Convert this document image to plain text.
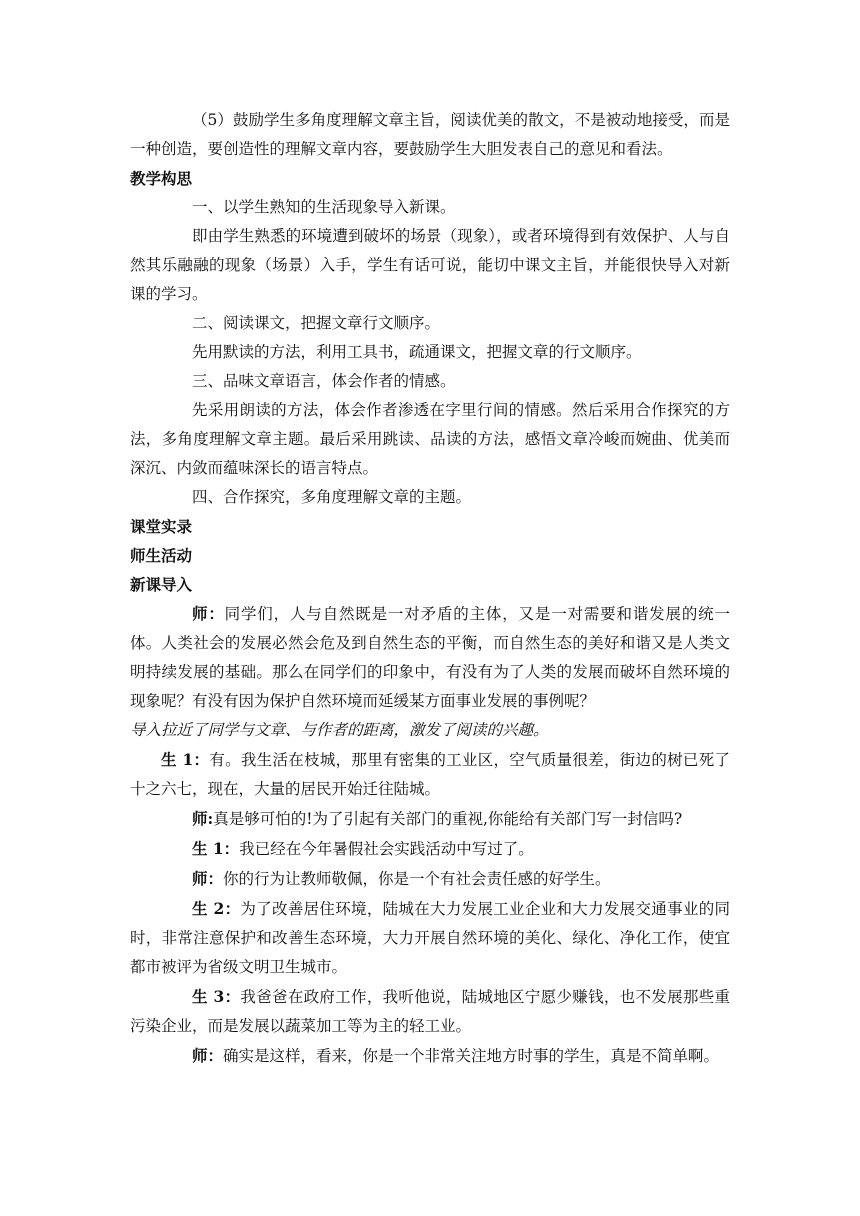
（5）鼓励学生多角度理解文章主旨，阅读优美的散文，不是被动地接受，而是一种创造，要创造性的理解文章内容，要鼓励学生大胆发表自己的意见和看法。

教学构思

一、以学生熟知的生活现象导入新课。

即由学生熟悉的环境遭到破坏的场景（现象），或者环境得到有效保护、人与自然其乐融融的现象（场景）入手，学生有话可说，能切中课文主旨，并能很快导入对新课的学习。

二、阅读课文，把握文章行文顺序。

先用默读的方法，利用工具书，疏通课文，把握文章的行文顺序。

三、品味文章语言，体会作者的情感。

先采用朗读的方法，体会作者渗透在字里行间的情感。然后采用合作探究的方法，多角度理解文章主题。最后采用跳读、品读的方法，感悟文章冷峻而婉曲、优美而深沉、内敛而蕴味深长的语言特点。

四、合作探究，多角度理解文章的主题。

课堂实录

师生活动

新课导入

师：同学们，人与自然既是一对矛盾的主体，又是一对需要和谐发展的统一体。人类社会的发展必然会危及到自然生态的平衡，而自然生态的美好和谐又是人类文明持续发展的基础。那么在同学们的印象中，有没有为了人类的发展而破坏自然环境的现象呢？有没有因为保护自然环境而延缓某方面事业发展的事例呢？

导入拉近了同学与文章、与作者的距离，激发了阅读的兴趣。

生 1：有。我生活在枝城，那里有密集的工业区，空气质量很差，街边的树已死了十之六七，现在，大量的居民开始迁往陆城。

师:真是够可怕的!为了引起有关部门的重视,你能给有关部门写一封信吗?

生 1：我已经在今年暑假社会实践活动中写过了。

师：你的行为让教师敬佩，你是一个有社会责任感的好学生。

生 2：为了改善居住环境，陆城在大力发展工业企业和大力发展交通事业的同时，非常注意保护和改善生态环境，大力开展自然环境的美化、绿化、净化工作，使宜都市被评为省级文明卫生城市。

生 3：我爸爸在政府工作，我听他说，陆城地区宁愿少赚钱，也不发展那些重污染企业，而是发展以蔬菜加工等为主的轻工业。

师：确实是这样，看来，你是一个非常关注地方时事的学生，真是不简单啊。
